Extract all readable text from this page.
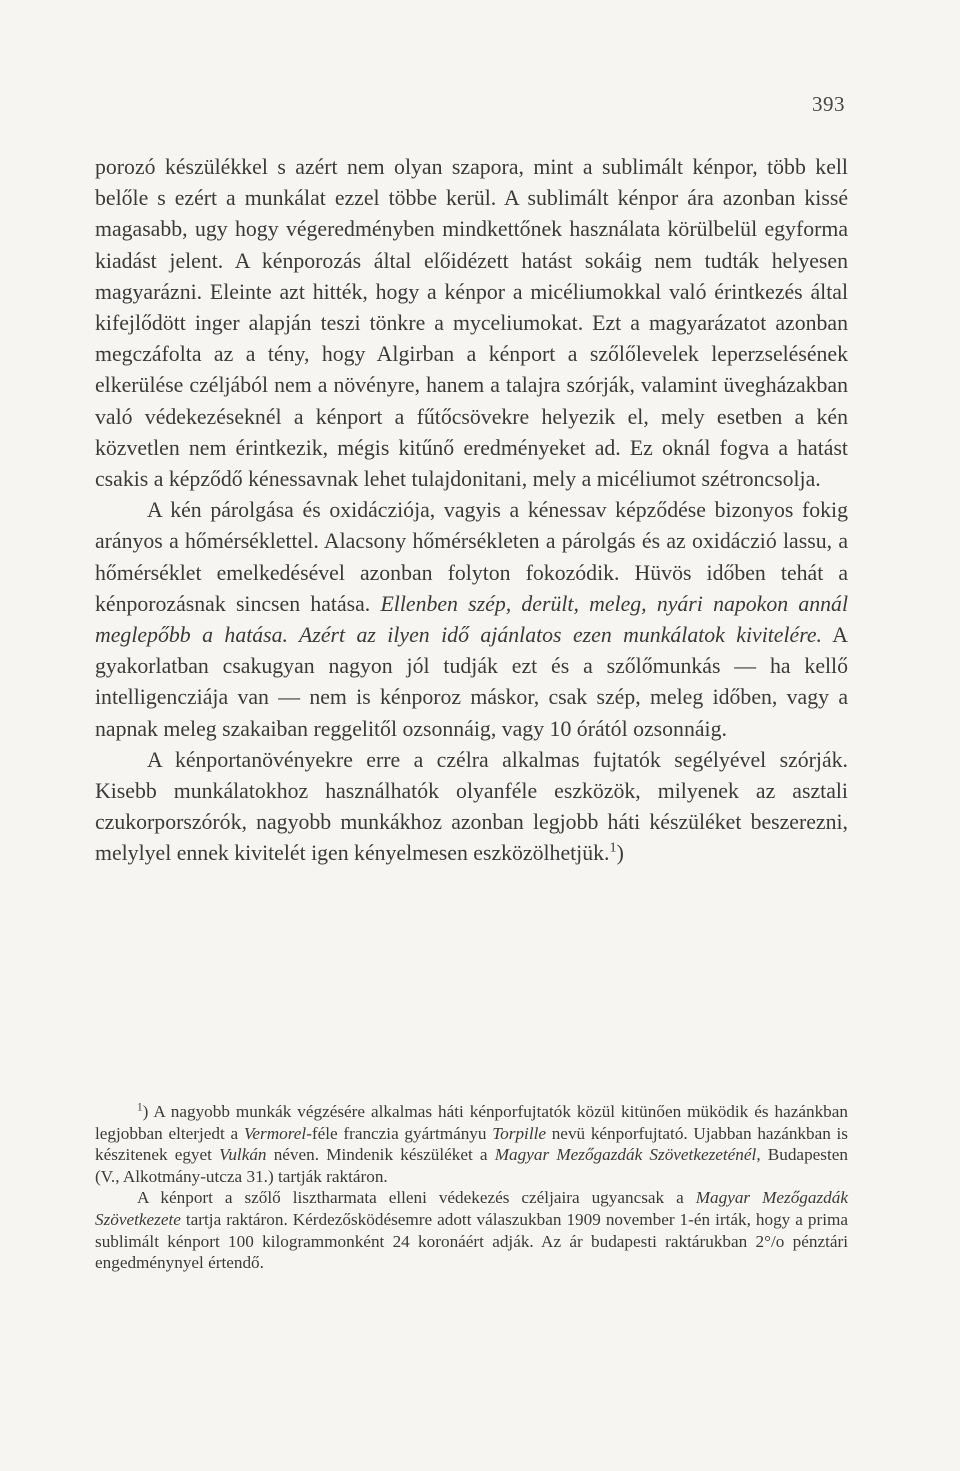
393

porozó készülékkel s azért nem olyan szapora, mint a sublimált kénpor, több kell belőle s ezért a munkálat ezzel többe kerül. A sublimált kénpor ára azonban kissé magasabb, ugy hogy végeredményben mindkettőnek használata körülbelül egyforma kiadást jelent. A kénporozás által előidézett hatást sokáig nem tudták helyesen magyarázni. Eleinte azt hitték, hogy a kénpor a micéliumokkal való érintkezés által kifejlődött inger alapján teszi tönkre a myceliumokat. Ezt a magyarázatot azonban megczáfolta az a tény, hogy Algirban a kénport a szőlőlevelek leperzselésének elkerülése czéljából nem a növényre, hanem a talajra szórják, valamint üvegházakban való védekezéseknél a kénport a fűtőcsövekre helyezik el, mely esetben a kén közvetlen nem érintkezik, mégis kitűnő eredményeket ad. Ez oknál fogva a hatást csakis a képződő kénessavnak lehet tulajdonitani, mely a micéliumot szétroncsolja.

A kén párolgása és oxidácziója, vagyis a kénessav képződése bizonyos fokig arányos a hőmérséklettel. Alacsony hőmérsékleten a párolgás és az oxidáczió lassu, a hőmérséklet emelkedésével azonban folyton fokozódik. Hüvös időben tehát a kénporozásnak sincsen hatása. Ellenben szép, derült, meleg, nyári napokon annál meglepőbb a hatása. Azért az ilyen idő ajánlatos ezen munkálatok kivitelére. A gyakorlatban csakugyan nagyon jól tudják ezt és a szőlőmunkás — ha kellő intelligencziája van — nem is kénporoz máskor, csak szép, meleg időben, vagy a napnak meleg szakaiban reggelitől ozsonnáig, vagy 10 órától ozsonnáig.

A kénportanövényekre erre a czélra alkalmas fujtatók segélyével szórják. Kisebb munkálatokhoz használhatók olyanféle eszközök, milyenek az asztali czukorporszórók, nagyobb munkákhoz azonban legjobb háti készüléket beszerezni, melylyel ennek kivitelét igen kényelmesen eszközölhetjük.$^1$)

$^1$) A nagyobb munkák végzésére alkalmas háti kénporfujtatók közül kitünően müködik és hazánkban legjobban elterjedt a Vermorel-féle franczia gyártmányu Torpille nevü kénporfujtató. Ujabban hazánkban is készitenek egyet Vulkán néven. Mindenik készüléket a Magyar Mezőgazdák Szövetkezeténél, Budapesten (V., Alkotmány-utcza 31.) tartják raktáron.

A kénport a szőlő lisztharmata elleni védekezés czéljaira ugyancsak a Magyar Mezőgazdák Szövetkezete tartja raktáron. Kérdezősködésemre adott válaszukban 1909 november 1-én irták, hogy a prima sublimált kénport 100 kilogrammonként 24 koronáért adják. Az ár budapesti raktárukban 2°/o pénztári engedménynyel értendő.
